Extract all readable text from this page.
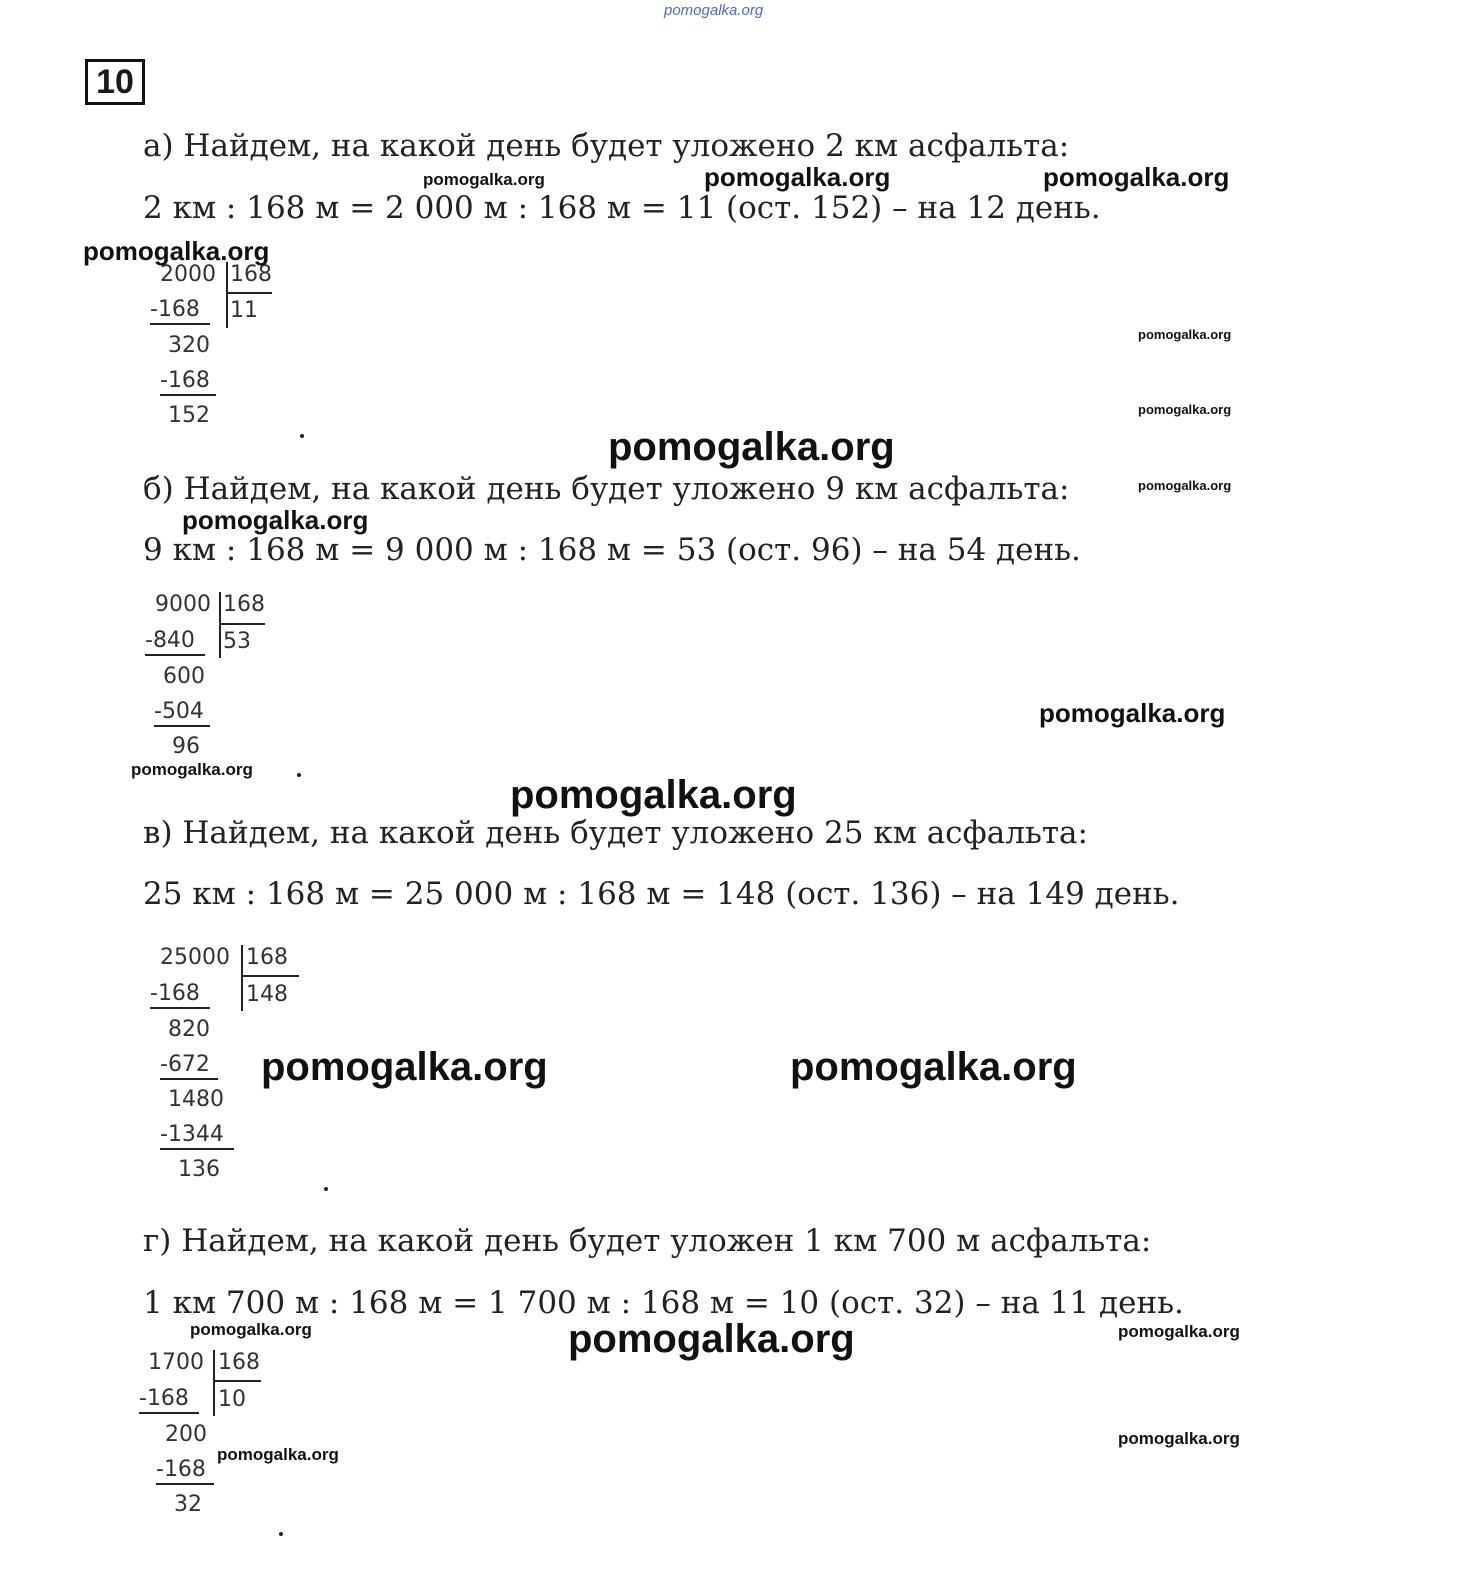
pomogalka.org
10
а) Найдем, на какой день будет уложено 2 км асфальта:
2 км : 168 м = 2 000 м : 168 м = 11 (ост. 152) – на 12 день.
2000 168
11
-168
320
-168
152
б) Найдем, на какой день будет уложено 9 км асфальта:
9 км : 168 м = 9 000 м : 168 м = 53 (ост. 96) – на 54 день.
9000 168
53
-840
600
-504
96
в) Найдем, на какой день будет уложено 25 км асфальта:
25 км : 168 м = 25 000 м : 168 м = 148 (ост. 136) – на 149 день.
25000 168
148
-168
820
-672
1480
-1344
136
г) Найдем, на какой день будет уложен 1 км 700 м асфальта:
1 км 700 м : 168 м = 1 700 м : 168 м = 10 (ост. 32) – на 11 день.
1700 168
10
-168
200
-168
32
pomogalka.org	pomogalka.org	pomogalka.org
pomogalka.org
pomogalka.org
pomogalka.org
pomogalka.org
pomogalka.org
pomogalka.org
pomogalka.org
pomogalka.org
pomogalka.org
pomogalka.org	pomogalka.org
pomogalka.org	pomogalka.org
pomogalka.org
pomogalka.org
pomogalka.org
